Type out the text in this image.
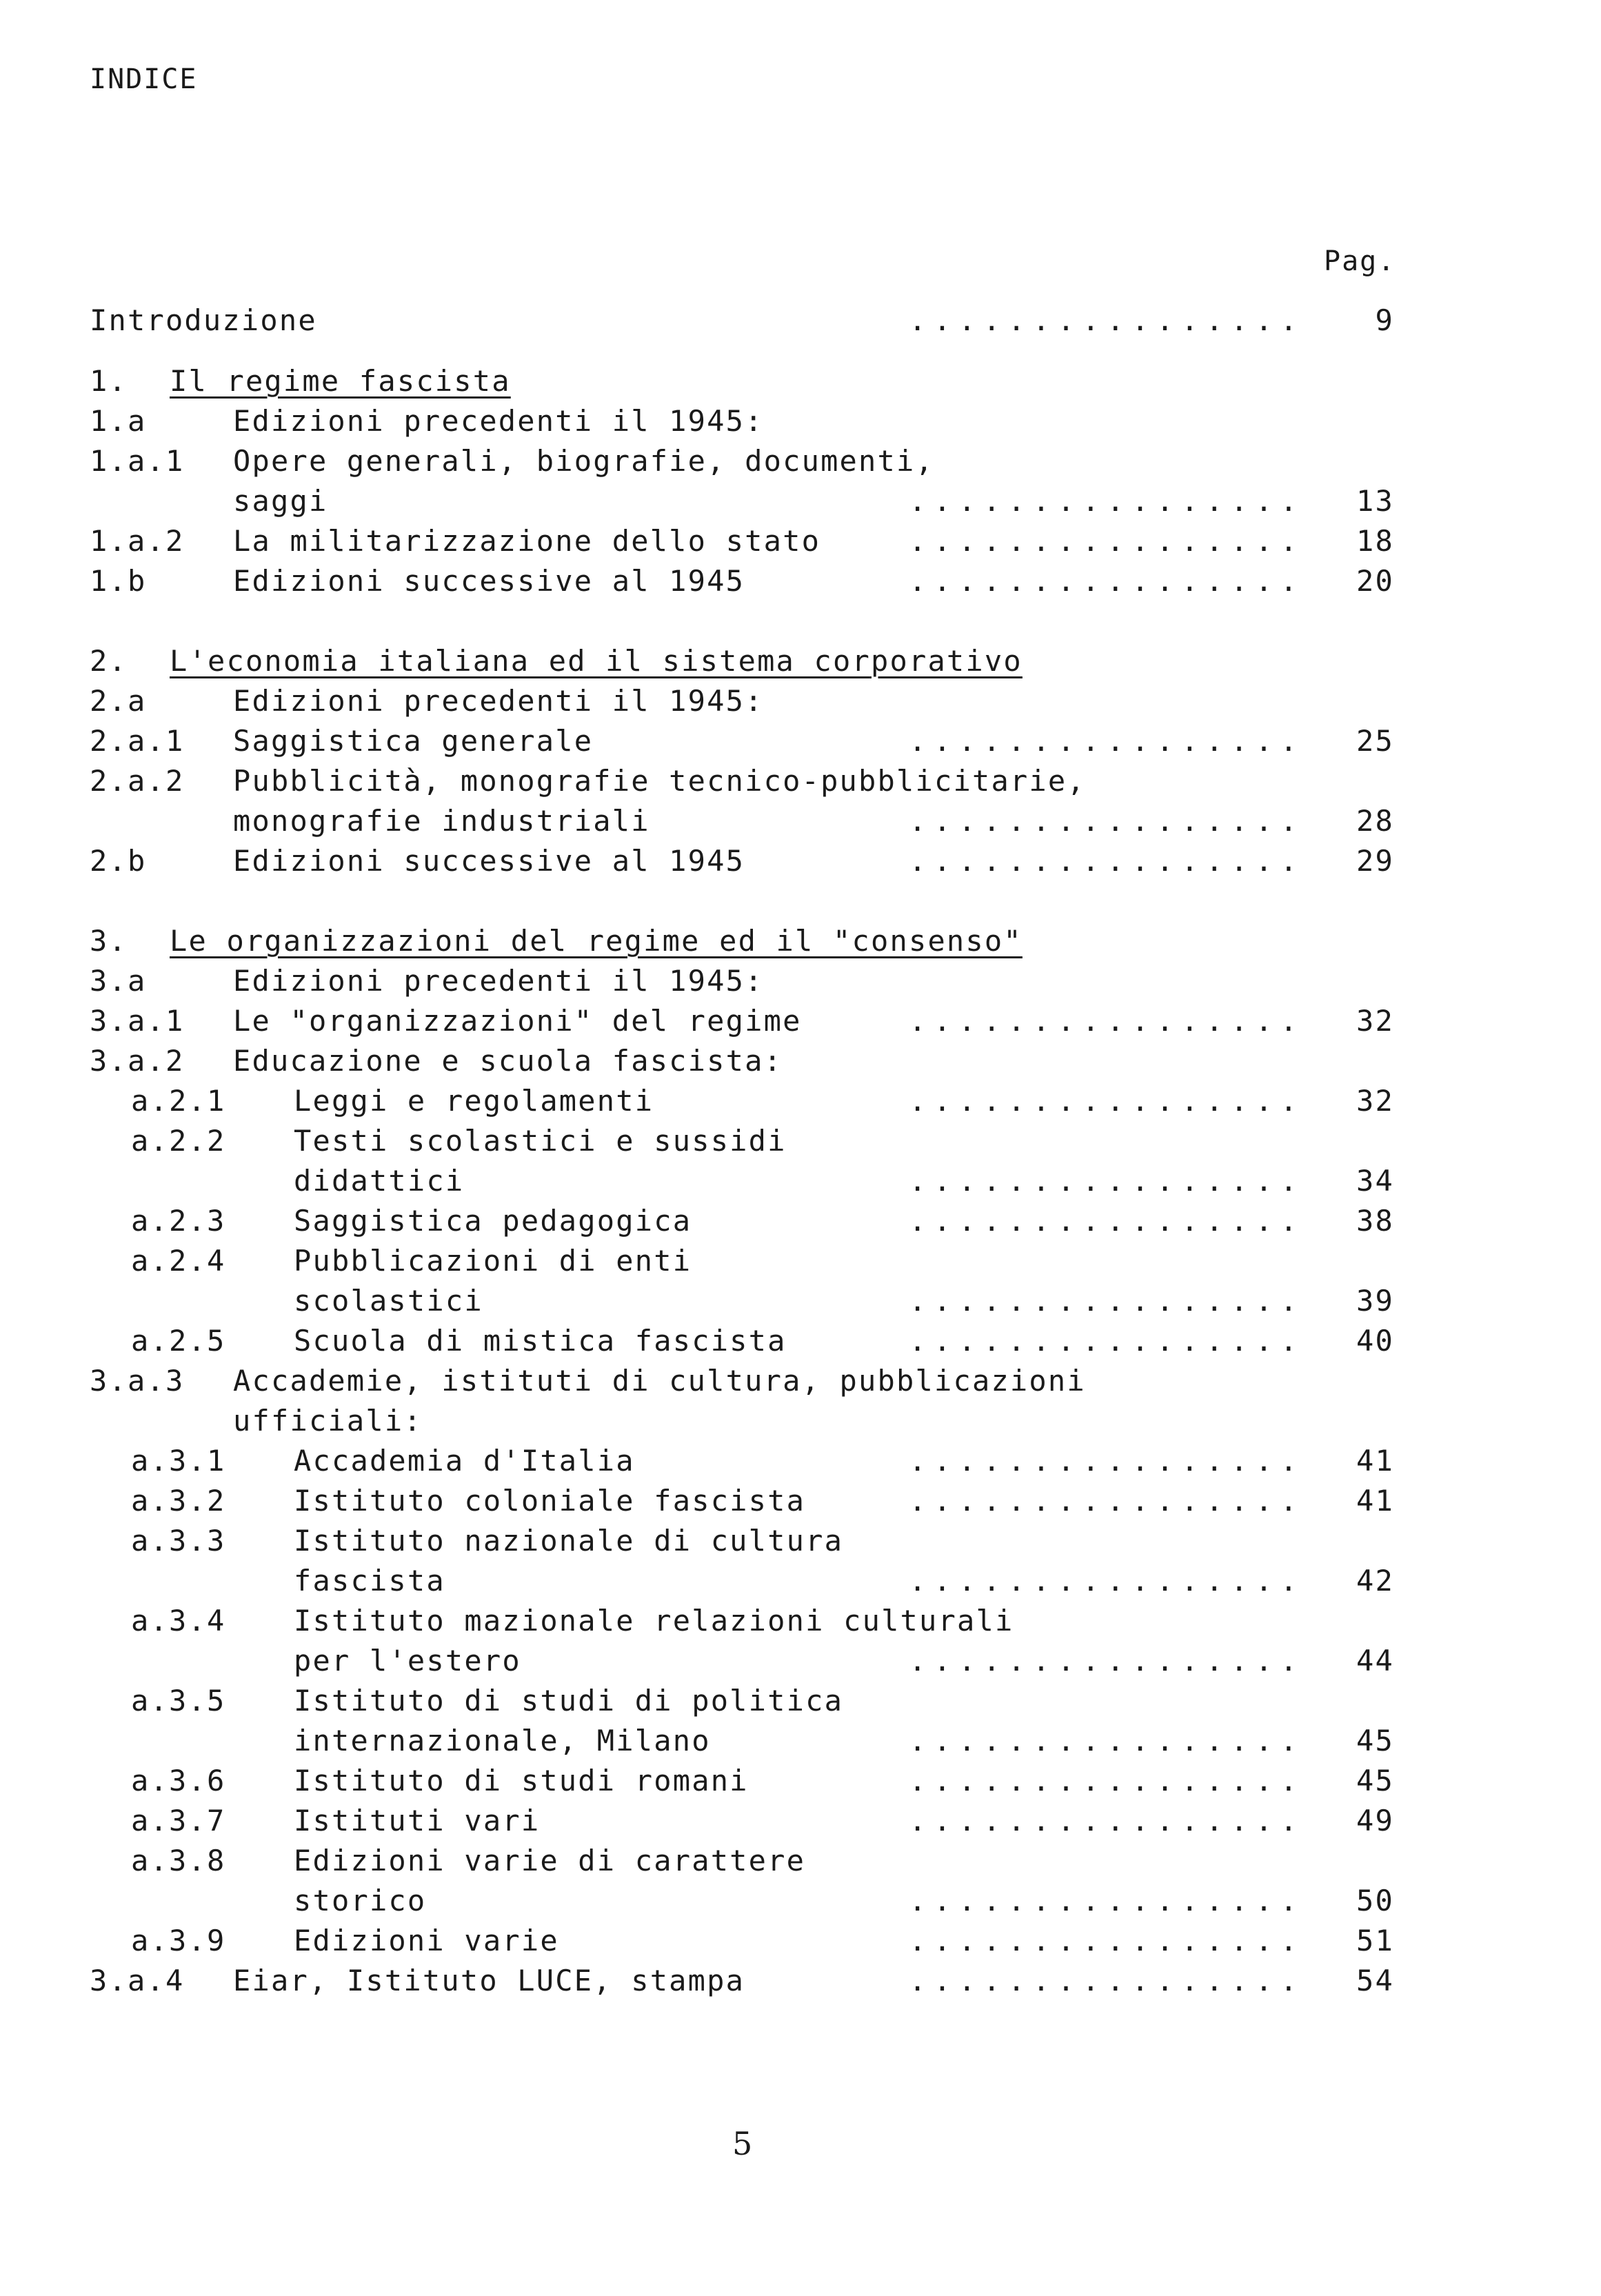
INDICE
Pag.
Introduzione	................	9
1. Il regime fascista
1.a	Edizioni precedenti il 1945:
1.a.1 Opere generali, biografie, documenti,
saggi	................	13
1.a.2 La militarizzazione dello stato	................	18
1.b	Edizioni successive al 1945	................	20
2. L'economia italiana ed il sistema corporativo
2.a	Edizioni precedenti il 1945:
2.a.1 Saggistica generale	................	25
2.a.2 Pubblicità, monografie tecnico-pubblicitarie,
monografie industriali	................	28
2.b	Edizioni successive al 1945	................	29
3. Le organizzazioni del regime ed il "consenso"
3.a	Edizioni precedenti il 1945:
3.a.1 Le "organizzazioni" del regime	................	32
3.a.2 Educazione e scuola fascista:
a.2.1 Leggi e regolamenti	................	32
a.2.2 Testi scolastici e sussidi
didattici	................	34
a.2.3 Saggistica pedagogica	................	38
a.2.4 Pubblicazioni di enti
scolastici	................	39
a.2.5 Scuola di mistica fascista	................	40
3.a.3 Accademie, istituti di cultura, pubblicazioni
ufficiali:
a.3.1 Accademia d'Italia	................	41
a.3.2 Istituto coloniale fascista	................	41
a.3.3 Istituto nazionale di cultura
fascista	................	42
a.3.4 Istituto mazionale relazioni culturali
per l'estero	................	44
a.3.5 Istituto di studi di politica
internazionale, Milano	................	45
a.3.6 Istituto di studi romani	................	45
a.3.7 Istituti vari	................	49
a.3.8 Edizioni varie di carattere
storico	................	50
a.3.9 Edizioni varie	................	51
3.a.4 Eiar, Istituto LUCE, stampa	................	54
5
